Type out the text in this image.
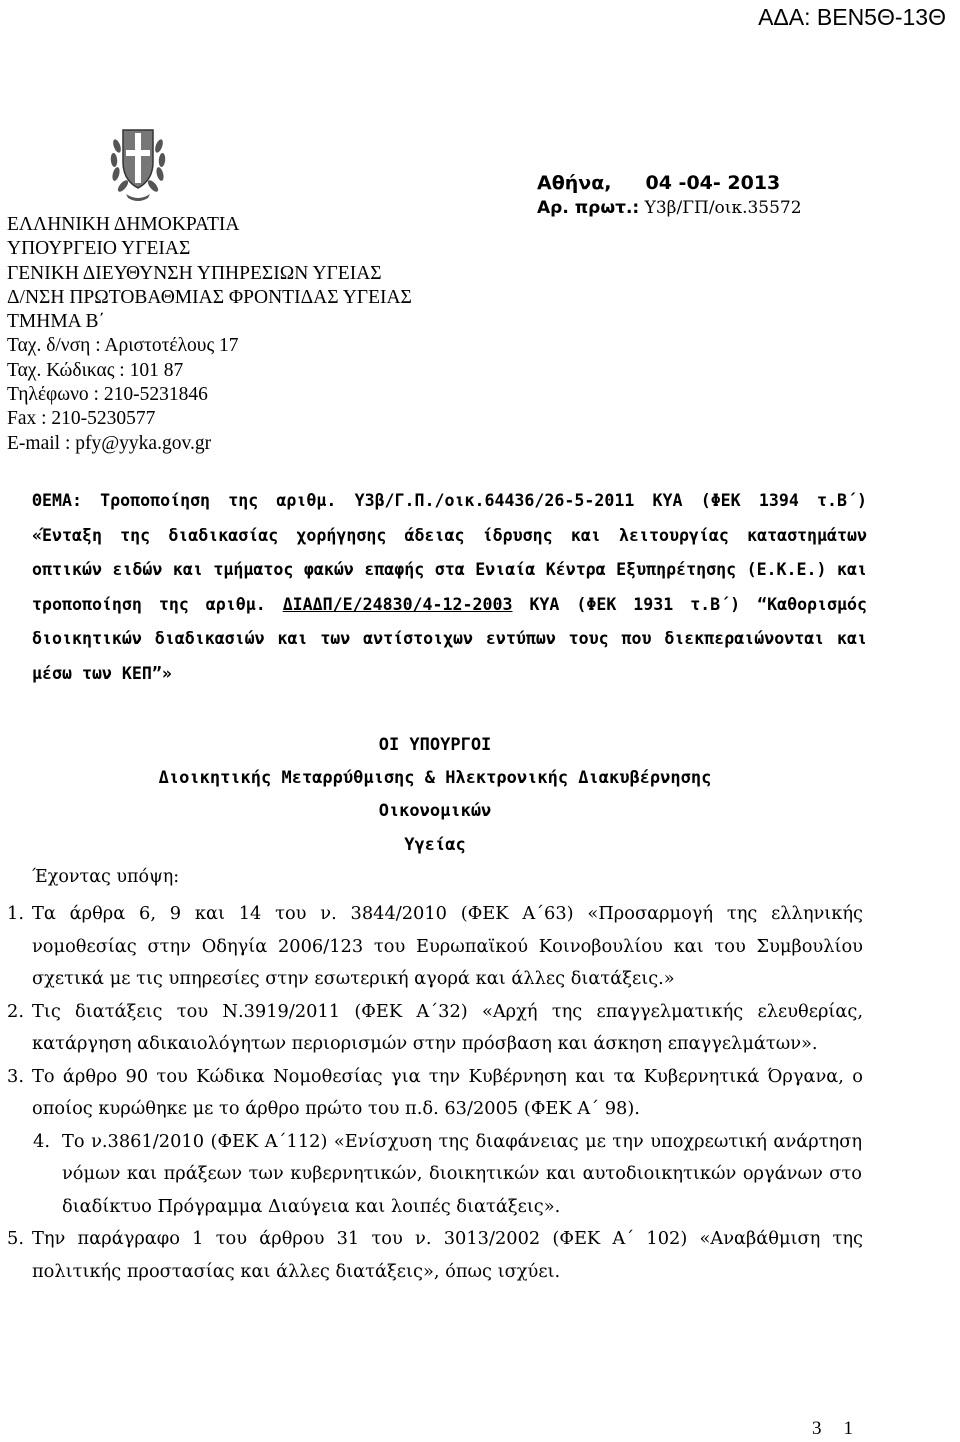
ΑΔΑ: ΒΕΝ5Θ-13Θ
ΕΛΛΗΝΙΚΗ ΔΗΜΟΚΡΑΤΙΑ
ΥΠΟΥΡΓΕΙΟ ΥΓΕΙΑΣ
ΓΕΝΙΚΗ ΔΙΕΥΘΥΝΣΗ ΥΠΗΡΕΣΙΩΝ ΥΓΕΙΑΣ
Δ/ΝΣΗ ΠΡΩΤΟΒΑΘΜΙΑΣ ΦΡΟΝΤΙΔΑΣ ΥΓΕΙΑΣ
ΤΜΗΜΑ Β΄
Ταχ. δ/νση : Αριστοτέλους 17
Ταχ. Κώδικας : 101 87
Τηλέφωνο : 210-5231846
Fax : 210-5230577
E-mail : pfy@yyka.gov.gr
Αθήνα, 04 -04- 2013
Αρ. πρωτ.: Υ3β/ΓΠ/οικ.35572

ΘΕΜΑ: Τροποποίηση της αριθμ. Υ3β/Γ.Π./οικ.64436/26-5-2011 ΚΥΑ (ΦΕΚ 1394 τ.Β΄) «Ένταξη της διαδικασίας χορήγησης άδειας ίδρυσης και λειτουργίας καταστημάτων οπτικών ειδών και τμήματος φακών επαφής στα Ενιαία Κέντρα Εξυπηρέτησης (Ε.Κ.Ε.) και τροποποίηση της αριθμ. ΔΙΑΔΠ/Ε/24830/4-12-2003 ΚΥΑ (ΦΕΚ 1931 τ.Β΄) “Καθορισμός διοικητικών διαδικασιών και των αντίστοιχων εντύπων τους που διεκπεραιώνονται και μέσω των ΚΕΠ”»

ΟΙ ΥΠΟΥΡΓΟΙ
Διοικητικής Μεταρρύθμισης & Ηλεκτρονικής Διακυβέρνησης
Οικονομικών
Υγείας
Έχοντας υπόψη:
1. Τα άρθρα 6, 9 και 14 του ν. 3844/2010 (ΦΕΚ Α΄63) «Προσαρμογή της ελληνικής νομοθεσίας στην Οδηγία 2006/123 του Ευρωπαϊκού Κοινοβουλίου και του Συμβουλίου σχετικά με τις υπηρεσίες στην εσωτερική αγορά και άλλες διατάξεις.»
2. Τις διατάξεις του Ν.3919/2011 (ΦΕΚ Α΄32) «Αρχή της επαγγελματικής ελευθερίας, κατάργηση αδικαιολόγητων περιορισμών στην πρόσβαση και άσκηση επαγγελμάτων».
3. Το άρθρο 90 του Κώδικα Νομοθεσίας για την Κυβέρνηση και τα Κυβερνητικά Όργανα, ο οποίος κυρώθηκε με το άρθρο πρώτο του π.δ. 63/2005 (ΦΕΚ Α΄ 98).
4. Το ν.3861/2010 (ΦΕΚ Α΄112) «Ενίσχυση της διαφάνειας με την υποχρεωτική ανάρτηση νόμων και πράξεων των κυβερνητικών, διοικητικών και αυτοδιοικητικών οργάνων στο διαδίκτυο Πρόγραμμα Διαύγεια και λοιπές διατάξεις».
5. Την παράγραφο 1 του άρθρου 31 του ν. 3013/2002 (ΦΕΚ Α΄ 102) «Αναβάθμιση της πολιτικής προστασίας και άλλες διατάξεις», όπως ισχύει.
3 1
